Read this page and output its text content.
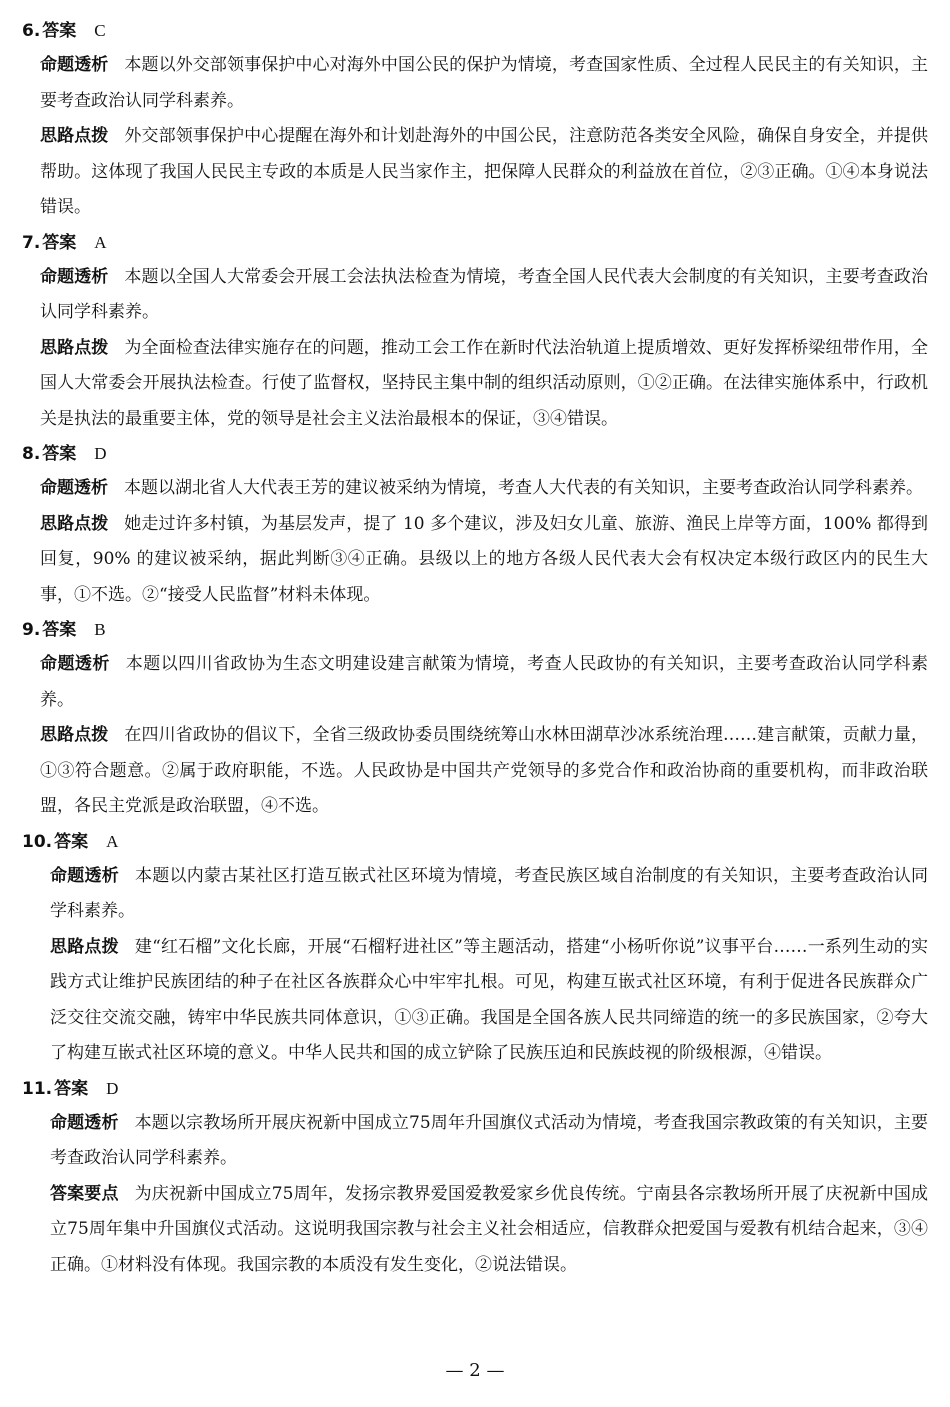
6. 答案 C

命题透析 本题以外交部领事保护中心对海外中国公民的保护为情境，考查国家性质、全过程人民民主的有关知识，主要考查政治认同学科素养。

思路点拨 外交部领事保护中心提醒在海外和计划赴海外的中国公民，注意防范各类安全风险，确保自身安全，并提供帮助。这体现了我国人民民主专政的本质是人民当家作主，把保障人民群众的利益放在首位，②③正确。①④本身说法错误。

7. 答案 A

命题透析 本题以全国人大常委会开展工会法执法检查为情境，考查全国人民代表大会制度的有关知识，主要考查政治认同学科素养。

思路点拨 为全面检查法律实施存在的问题，推动工会工作在新时代法治轨道上提质增效、更好发挥桥梁纽带作用，全国人大常委会开展执法检查。行使了监督权，坚持民主集中制的组织活动原则，①②正确。在法律实施体系中，行政机关是执法的最重要主体，党的领导是社会主义法治最根本的保证，③④错误。

8. 答案 D

命题透析 本题以湖北省人大代表王芳的建议被采纳为情境，考查人大代表的有关知识，主要考查政治认同学科素养。

思路点拨 她走过许多村镇，为基层发声，提了 10 多个建议，涉及妇女儿童、旅游、渔民上岸等方面，100% 都得到回复，90% 的建议被采纳，据此判断③④正确。县级以上的地方各级人民代表大会有权决定本级行政区内的民生大事，①不选。②“接受人民监督”材料未体现。

9. 答案 B

命题透析 本题以四川省政协为生态文明建设建言献策为情境，考查人民政协的有关知识，主要考查政治认同学科素养。

思路点拨 在四川省政协的倡议下，全省三级政协委员围绕统筹山水林田湖草沙冰系统治理……建言献策，贡献力量，①③符合题意。②属于政府职能，不选。人民政协是中国共产党领导的多党合作和政治协商的重要机构，而非政治联盟，各民主党派是政治联盟，④不选。

10. 答案 A

命题透析 本题以内蒙古某社区打造互嵌式社区环境为情境，考查民族区域自治制度的有关知识，主要考查政治认同学科素养。

思路点拨 建“红石榴”文化长廊，开展“石榴籽进社区”等主题活动，搭建“小杨听你说”议事平台……一系列生动的实践方式让维护民族团结的种子在社区各族群众心中牢牢扎根。可见，构建互嵌式社区环境，有利于促进各民族群众广泛交往交流交融，铸牢中华民族共同体意识，①③正确。我国是全国各族人民共同缔造的统一的多民族国家，②夸大了构建互嵌式社区环境的意义。中华人民共和国的成立铲除了民族压迫和民族歧视的阶级根源，④错误。

11. 答案 D

命题透析 本题以宗教场所开展庆祝新中国成立75周年升国旗仪式活动为情境，考查我国宗教政策的有关知识，主要考查政治认同学科素养。

答案要点 为庆祝新中国成立75周年，发扬宗教界爱国爱教爱家乡优良传统。宁南县各宗教场所开展了庆祝新中国成立75周年集中升国旗仪式活动。这说明我国宗教与社会主义社会相适应，信教群众把爱国与爱教有机结合起来，③④正确。①材料没有体现。我国宗教的本质没有发生变化，②说法错误。

— 2 —
